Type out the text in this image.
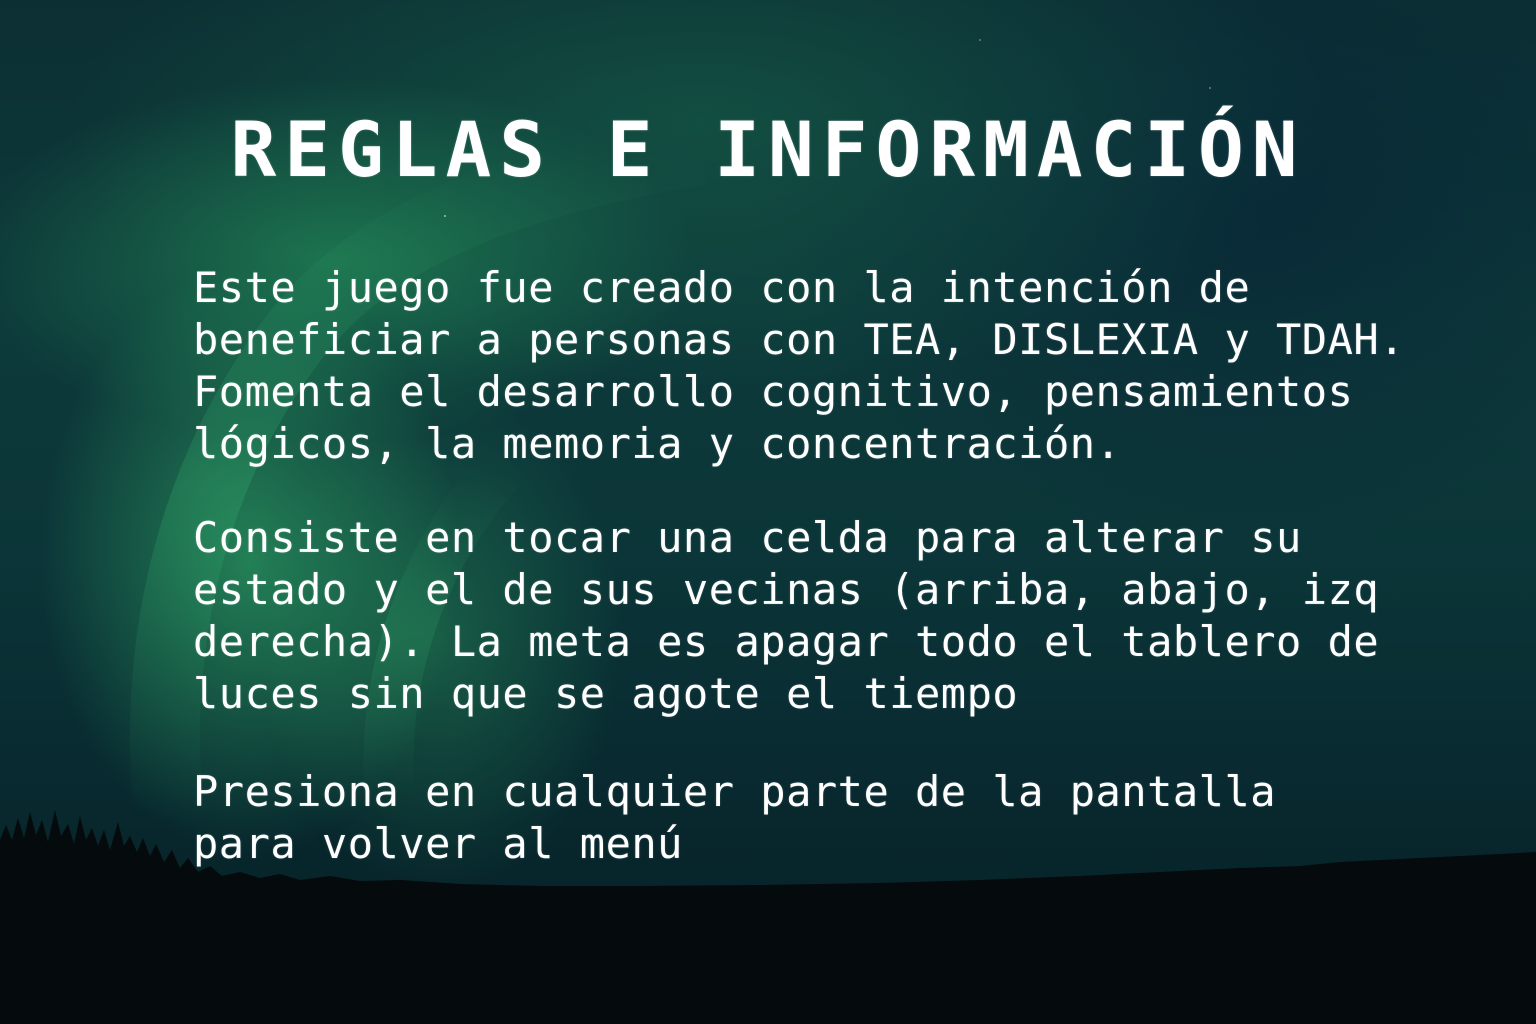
REGLAS E INFORMACIÓN

Este juego fue creado con la intención de
beneficiar a personas con TEA, DISLEXIA y TDAH.
Fomenta el desarrollo cognitivo, pensamientos
lógicos, la memoria y concentración.

Consiste en tocar una celda para alterar su
estado y el de sus vecinas (arriba, abajo, izq
derecha). La meta es apagar todo el tablero de
luces sin que se agote el tiempo

Presiona en cualquier parte de la pantalla
para volver al menú
